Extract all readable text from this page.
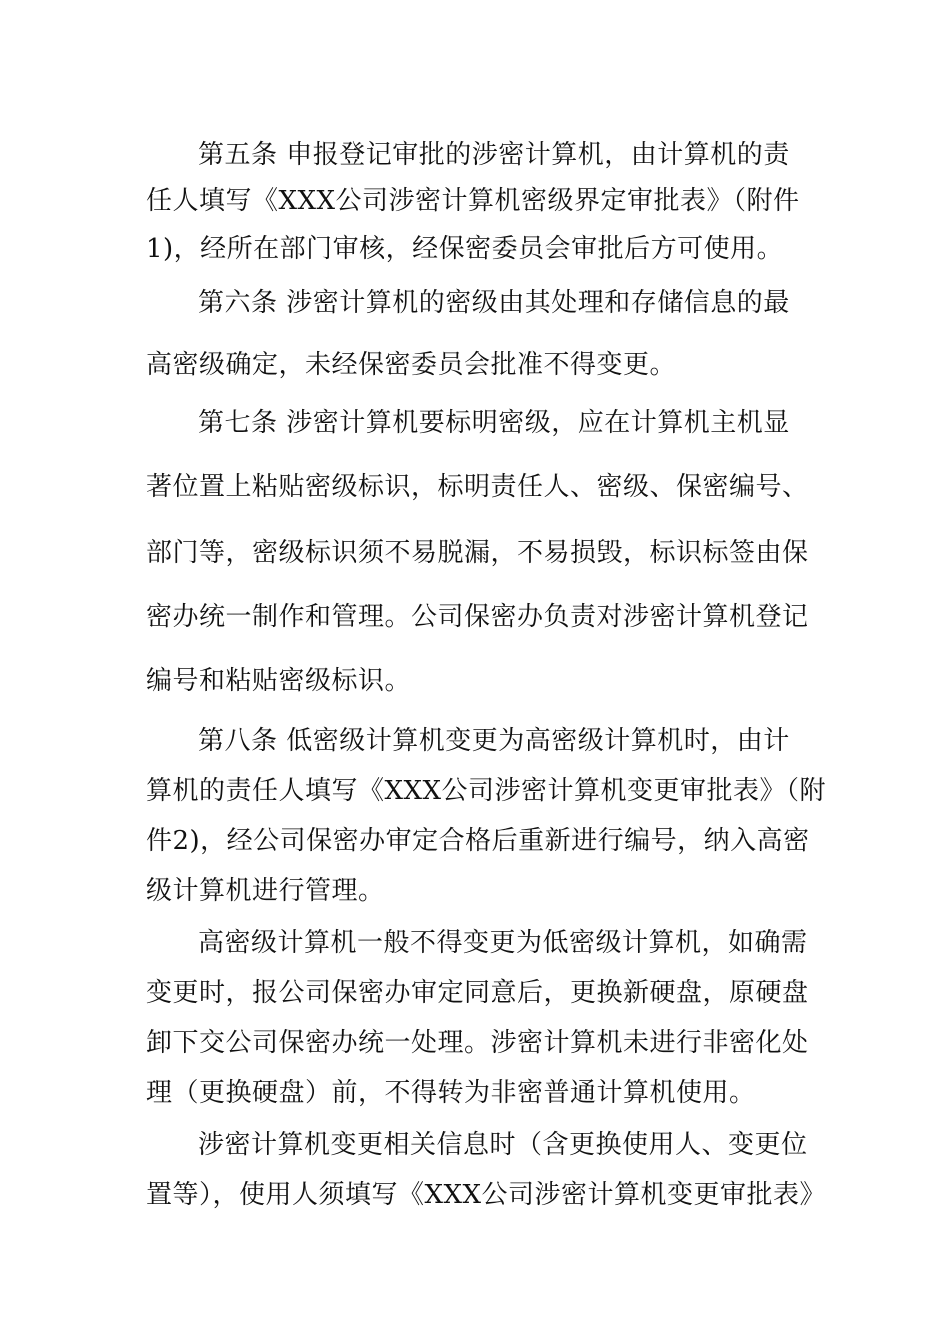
第五条 申报登记审批的涉密计算机，由计算机的责
任人填写《XXX公司涉密计算机密级界定审批表》（附件
1)，经所在部门审核，经保密委员会审批后方可使用。
第六条 涉密计算机的密级由其处理和存储信息的最
高密级确定，未经保密委员会批准不得变更。
第七条 涉密计算机要标明密级，应在计算机主机显
著位置上粘贴密级标识，标明责任人、密级、保密编号、
部门等，密级标识须不易脱漏，不易损毁，标识标签由保
密办统一制作和管理。公司保密办负责对涉密计算机登记
编号和粘贴密级标识。
第八条 低密级计算机变更为高密级计算机时，由计
算机的责任人填写《XXX公司涉密计算机变更审批表》（附
件2)，经公司保密办审定合格后重新进行编号，纳入高密
级计算机进行管理。
高密级计算机一般不得变更为低密级计算机，如确需
变更时，报公司保密办审定同意后，更换新硬盘，原硬盘
卸下交公司保密办统一处理。涉密计算机未进行非密化处
理（更换硬盘）前，不得转为非密普通计算机使用。
涉密计算机变更相关信息时（含更换使用人、变更位
置等），使用人须填写《XXX公司涉密计算机变更审批表》
